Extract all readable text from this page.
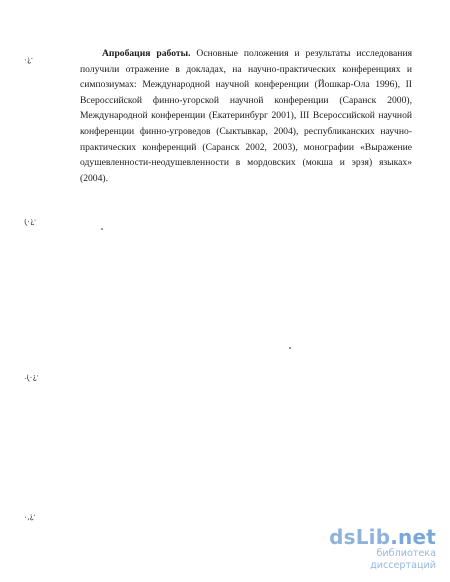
·¿·
(·¿·
·(·¿·
·,¿·

Апробация работы. Основные положения и результаты исследования получили отражение в докладах, на научно-практических конференциях и симпозиумах: Международной научной конференции (Йошкар-Ола 1996), II Всероссийской финно-угорской научной конференции (Саранск 2000), Международной конференции (Екатеринбург 2001), III Всероссийской научной конференции финно-угроведов (Сыктывкар, 2004), республиканских научно-практических конференций (Саранск 2002, 2003), монографии «Выражение одушевленности-неодушевленности в мордовских (мокша и эрзя) языках» (2004).

dsLib.net
библиотека диссертаций
